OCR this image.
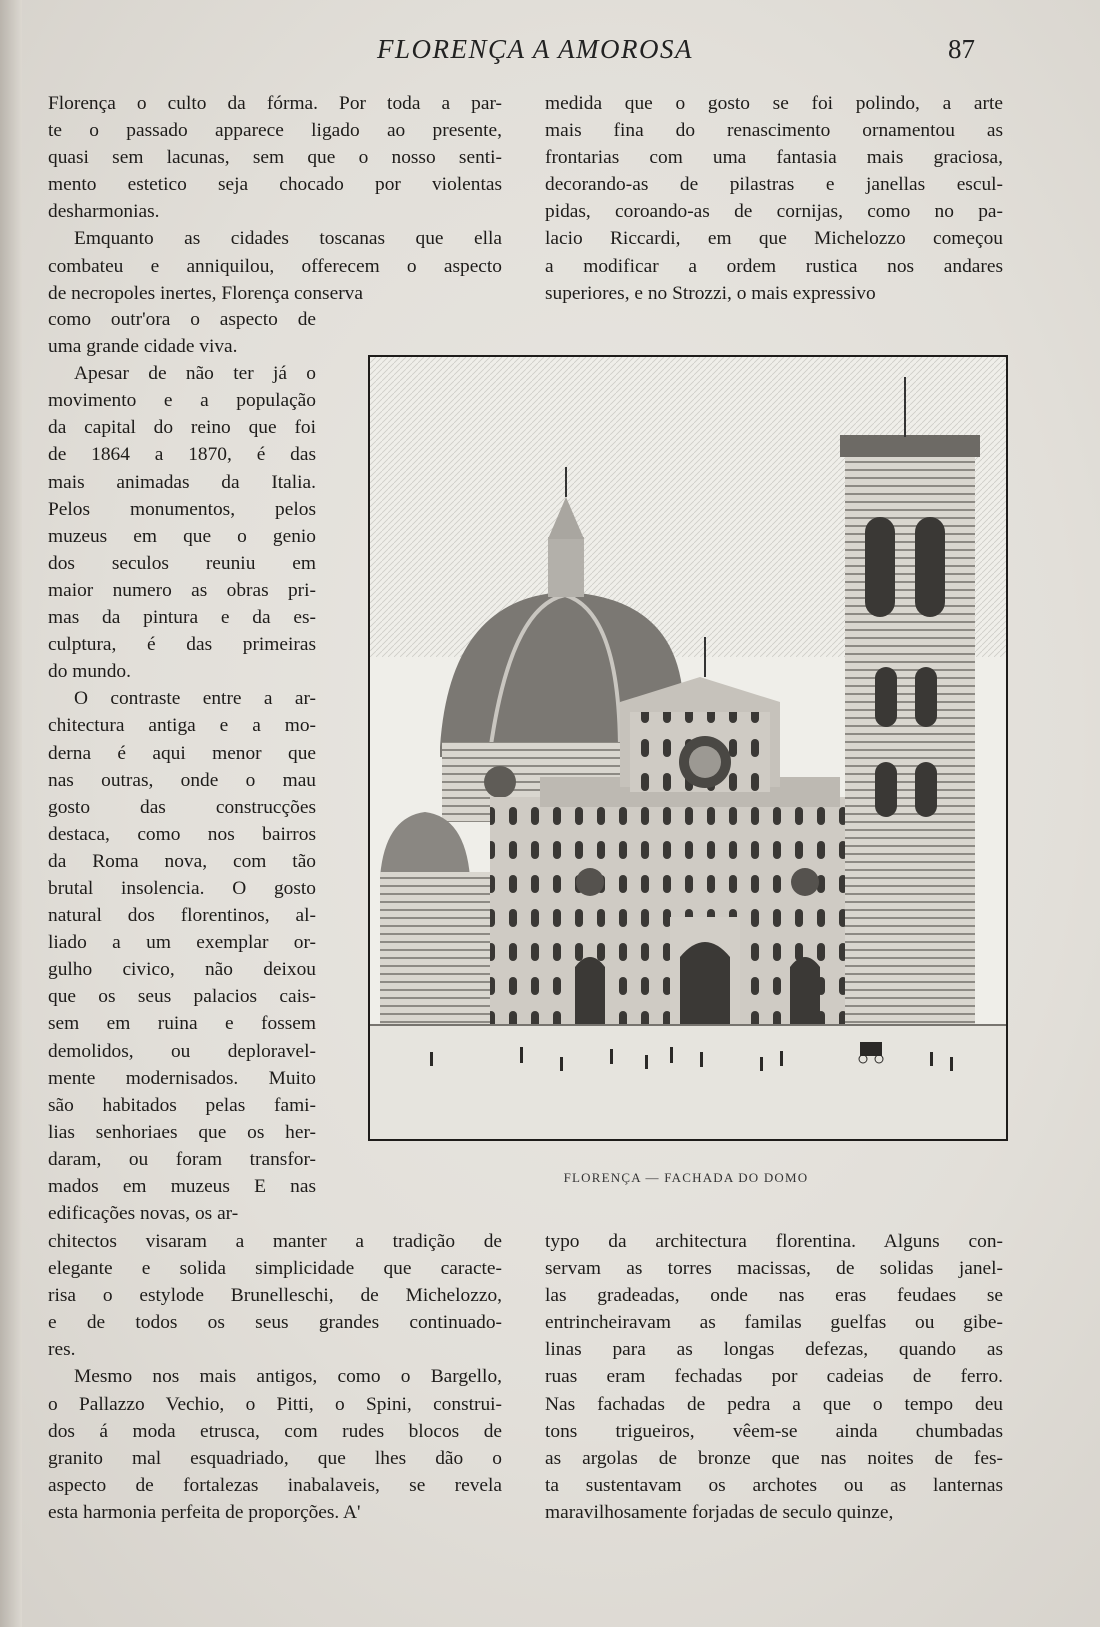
FLORENÇA A AMOROSA	87
Florença o culto da fórma. Por toda a par-
te o passado apparece ligado ao presente,
quasi sem lacunas, sem que o nosso senti-
mento estetico seja chocado por violentas
desharmonias.
Emquanto as cidades toscanas que ella
combateu e anniquilou, offerecem o aspecto
de necropoles inertes, Florença conserva
como outr'ora o aspecto de
uma grande cidade viva.
Apesar de não ter já o
movimento e a população
da capital do reino que foi
de 1864 a 1870, é das
mais animadas da Italia.
Pelos monumentos, pelos
muzeus em que o genio
dos seculos reuniu em
maior numero as obras pri-
mas da pintura e da es-
culptura, é das primeiras
do mundo.
O contraste entre a ar-
chitectura antiga e a mo-
derna é aqui menor que
nas outras, onde o mau
gosto das construcções
destaca, como nos bairros
da Roma nova, com tão
brutal insolencia. O gosto
natural dos florentinos, al-
liado a um exemplar or-
gulho civico, não deixou
que os seus palacios cais-
sem em ruina e fossem
demolidos, ou deploravel-
mente modernisados. Muito
são habitados pelas fami-
lias senhoriaes que os her-
daram, ou foram transfor-
mados em muzeus E nas
edificações novas, os ar-
chitectos visaram a manter a tradição de
elegante e solida simplicidade que caracte-
risa o estylode Brunelleschi, de Michelozzo,
e de todos os seus grandes continuado-
res.
Mesmo nos mais antigos, como o Bargello,
o Pallazzo Vechio, o Pitti, o Spini, construi-
dos á moda etrusca, com rudes blocos de
granito mal esquadriado, que lhes dão o
aspecto de fortalezas inabalaveis, se revela
esta harmonia perfeita de proporções. A'
medida que o gosto se foi polindo, a arte
mais fina do renascimento ornamentou as
frontarias com uma fantasia mais graciosa,
decorando-as de pilastras e janellas escul-
pidas, coroando-as de cornijas, como no pa-
lacio Riccardi, em que Michelozzo começou
a modificar a ordem rustica nos andares
superiores, e no Strozzi, o mais expressivo
typo da architectura florentina. Alguns con-
servam as torres macissas, de solidas janel-
las gradeadas, onde nas eras feudaes se
entrincheiravam as familas guelfas ou gibe-
linas para as longas defezas, quando as
ruas eram fechadas por cadeias de ferro.
Nas fachadas de pedra a que o tempo deu
tons trigueiros, vêem-se ainda chumbadas
as argolas de bronze que nas noites de fes-
ta sustentavam os archotes ou as lanternas
maravilhosamente forjadas de seculo quinze,
FLORENÇA — FACHADA DO DOMO
